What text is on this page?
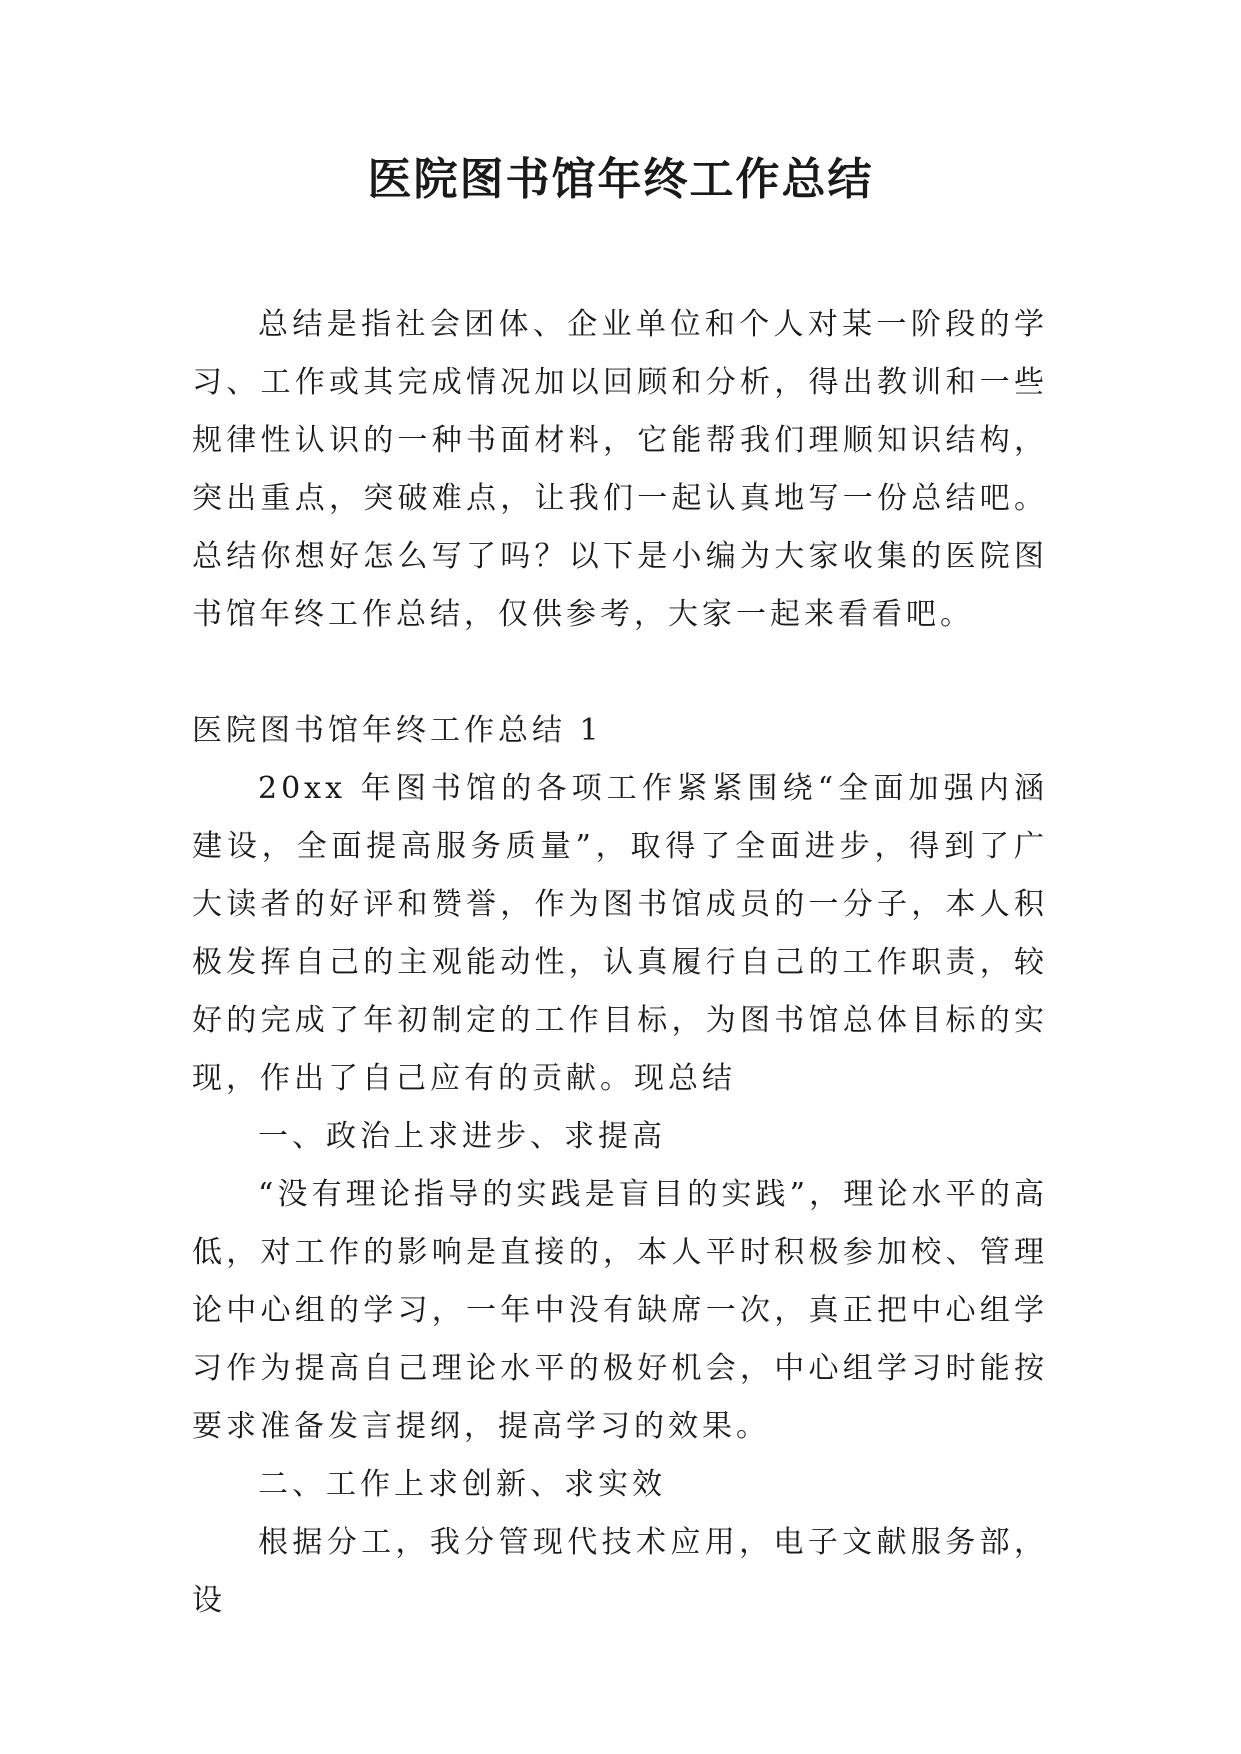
医院图书馆年终工作总结

总结是指社会团体、企业单位和个人对某一阶段的学习、工作或其完成情况加以回顾和分析，得出教训和一些规律性认识的一种书面材料，它能帮我们理顺知识结构，突出重点，突破难点，让我们一起认真地写一份总结吧。总结你想好怎么写了吗？以下是小编为大家收集的医院图书馆年终工作总结，仅供参考，大家一起来看看吧。

医院图书馆年终工作总结 1

20xx 年图书馆的各项工作紧紧围绕“全面加强内涵建设，全面提高服务质量”，取得了全面进步，得到了广大读者的好评和赞誉，作为图书馆成员的一分子，本人积极发挥自己的主观能动性，认真履行自己的工作职责，较好的完成了年初制定的工作目标，为图书馆总体目标的实现，作出了自己应有的贡献。现总结

一、政治上求进步、求提高

“没有理论指导的实践是盲目的实践”，理论水平的高低，对工作的影响是直接的，本人平时积极参加校、管理论中心组的学习，一年中没有缺席一次，真正把中心组学习作为提高自己理论水平的极好机会，中心组学习时能按要求准备发言提纲，提高学习的效果。

二、工作上求创新、求实效

根据分工，我分管现代技术应用，电子文献服务部，设
